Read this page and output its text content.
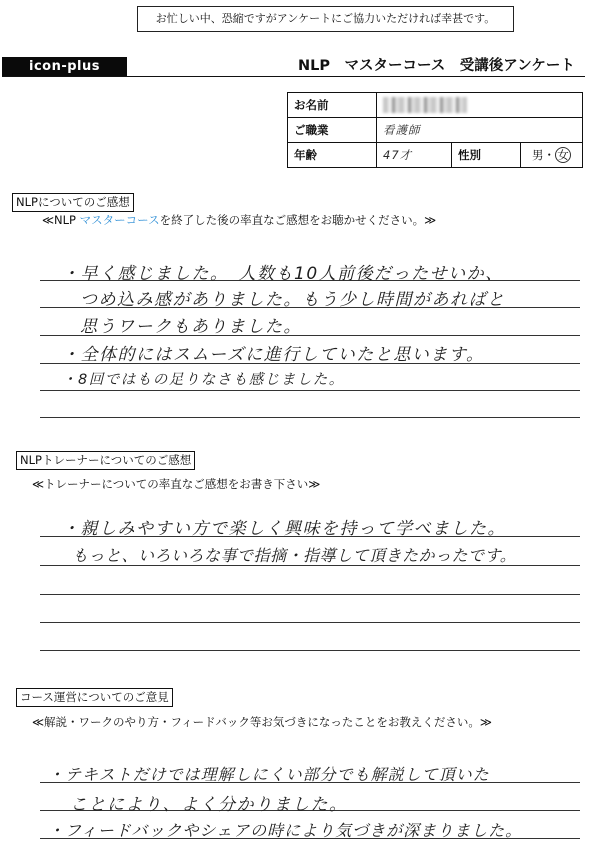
お忙しい中、恐縮ですがアンケートにご協力いただければ幸甚です。
icon-plus	NLP　マスターコース　受講後アンケート
お名前			
ご職業	看護師		
年齢	47才	性別	男・ 女
NLPについてのご感想
≪NLP マスターコースを終了した後の率直なご感想をお聴かせください。≫
・早く感じました。　人数も10人前後だったせいか、
つめ込み感がありました。もう少し時間があればと
思うワークもありました。
・全体的にはスムーズに進行していたと思います。
・8回ではもの足りなさも感じました。
NLPトレーナーについてのご感想
≪トレーナーについての率直なご感想をお書き下さい≫
・親しみやすい方で楽しく興味を持って学べました。
もっと、いろいろな事で指摘・指導して頂きたかったです。
コース運営についてのご意見
≪解説・ワークのやり方・フィードバック等お気づきになったことをお教えください。≫
・テキストだけでは理解しにくい部分でも解説して頂いた
ことにより、よく分かりました。
・フィードバックやシェアの時により気づきが深まりました。
